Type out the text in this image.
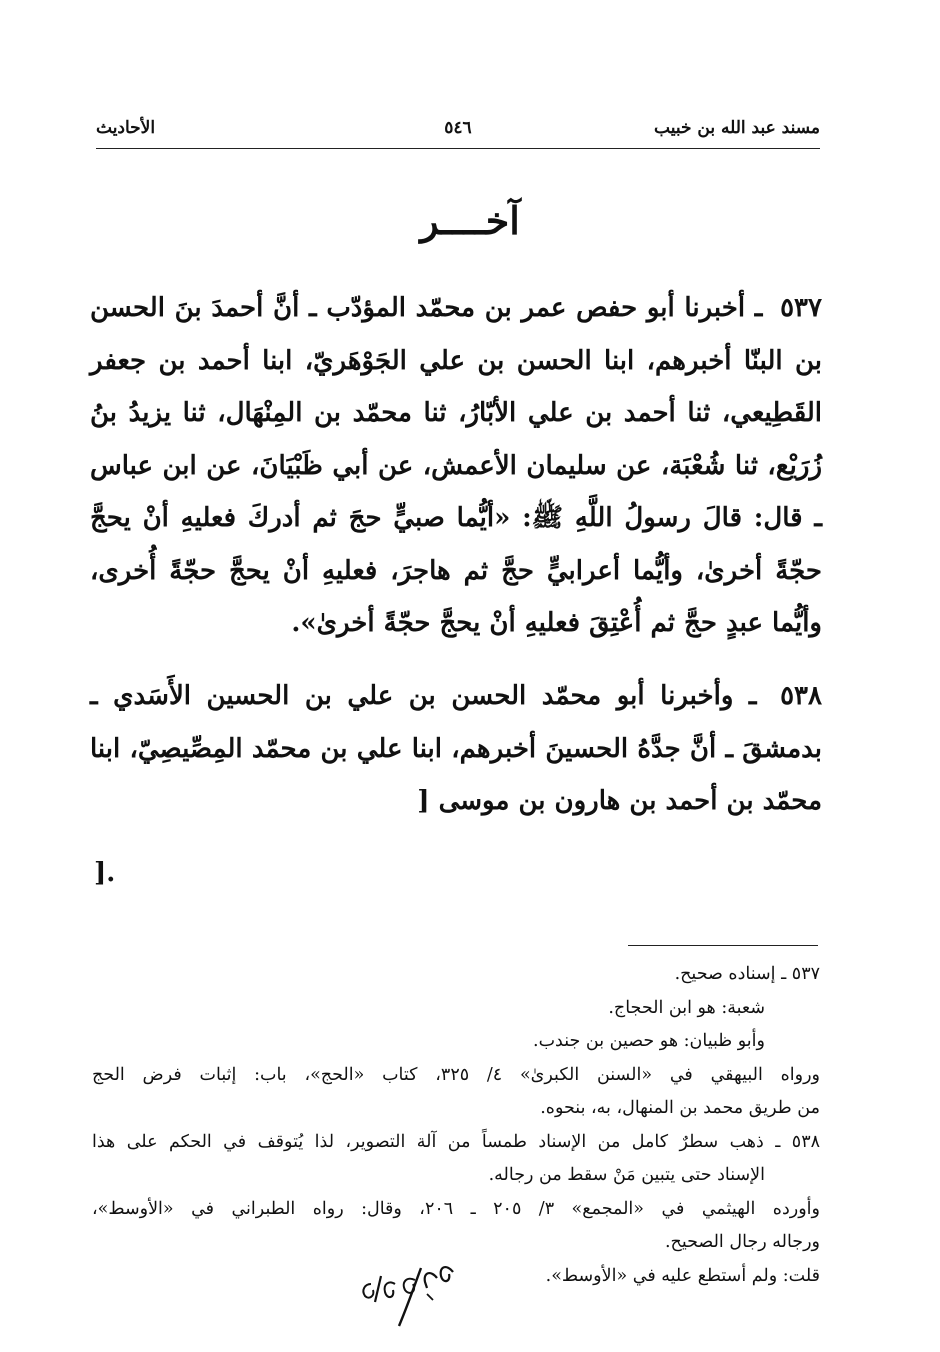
مسند عبد الله بن خبيب
٥٤٦
الأحاديث
آخــــر
٥٣٧ ـ أخبرنا أبو حفص عمر بن محمّد المؤدّب ـ أنَّ أحمدَ بنَ الحسن بن البنّا أخبرهم، ابنا الحسن بن علي الجَوْهَريّ، ابنا أحمد بن جعفر القَطِيعي، ثنا أحمد بن علي الأبّارُ، ثنا محمّد بن المِنْهَال، ثنا يزيدُ بنُ زُرَيْع، ثنا شُعْبَة، عن سليمان الأعمش، عن أبي ظَبْيَانَ، عن ابن عباس ـ قال: قالَ رسولُ اللَّهِ ﷺ: «أيُّما صبيٍّ حجَ ثم أدركَ فعليهِ أنْ يحجَّ حجّةً أخرىٰ، وأيُّما أعرابيٍّ حجَّ ثم هاجرَ، فعليهِ أنْ يحجَّ حجّةً أُخرى، وأيُّما عبدٍ حجَّ ثم أُعْتِقَ فعليهِ أنْ يحجَّ حجّةً أخرىٰ».
٥٣٨ ـ وأخبرنا أبو محمّد الحسن بن علي بن الحسين الأَسَدي ـ بدمشقَ ـ أنَّ جدَّهُ الحسينَ أخبرهم، ابنا علي بن محمّد المِصِّيصِيّ، ابنا محمّد بن أحمد بن هارون بن موسى [
.[
٥٣٧ ـ إسناده صحيح.
شعبة: هو ابن الحجاج.
وأبو ظبيان: هو حصين بن جندب.
ورواه البيهقي في «السنن الكبرىٰ» ٤/ ٣٢٥، كتاب «الحج»، باب: إثبات فرض الحج
من طريق محمد بن المنهال، به، بنحوه.
٥٣٨ ـ ذهب سطرٌ كامل من الإسناد طمساً من آلة التصوير، لذا يُتوقف في الحكم على هذا
الإسناد حتى يتبين مَنْ سقط من رجاله.
وأورده الهيثمي في «المجمع» ٣/ ٢٠٥ ـ ٢٠٦، وقال: رواه الطبراني في «الأوسط»،
ورجاله رجال الصحيح.
قلت: ولم أستطع عليه في «الأوسط».
